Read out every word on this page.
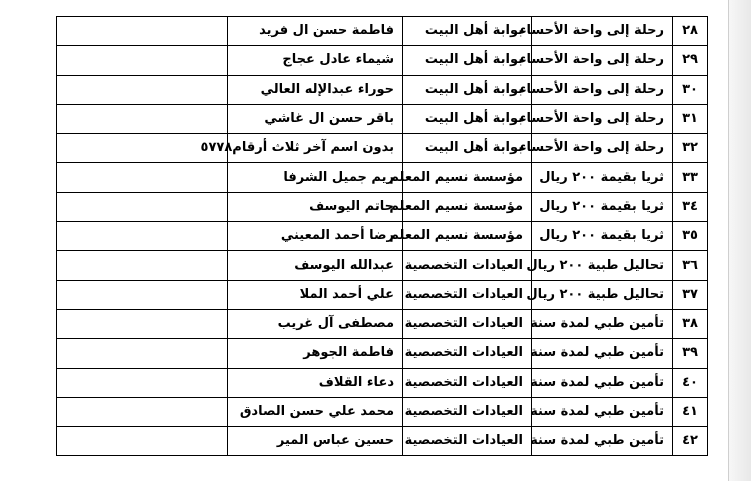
٢٨	رحلة إلى واحة الأحساء	بوابة أهل البيت	فاطمة حسن ال فريد	
٢٩	رحلة إلى واحة الأحساء	بوابة أهل البيت	شيماء عادل عجاج	
٣٠	رحلة إلى واحة الأحساء	بوابة أهل البيت	حوراء عبدالإله العالي	
٣١	رحلة إلى واحة الأحساء	بوابة أهل البيت	باقر حسن ال غاشي	
٣٢	رحلة إلى واحة الأحساء	بوابة أهل البيت	بدون اسم آخر ثلاث أرقام٥٧٧٨	
٣٣	ثريا بقيمة ٢٠٠ ريال	مؤسسة نسيم المعلم	ريم جميل الشرفا	
٣٤	ثريا بقيمة ٢٠٠ ريال	مؤسسة نسيم المعلم	حاتم اليوسف	
٣٥	ثريا بقيمة ٢٠٠ ريال	مؤسسة نسيم المعلم	رضا أحمد المعيني	
٣٦	تحاليل طبية ٢٠٠ ريال	العيادات التخصصية	عبدالله اليوسف	
٣٧	تحاليل طبية ٢٠٠ ريال	العيادات التخصصية	علي أحمد الملا	
٣٨	تأمين طبي لمدة سنة	العيادات التخصصية	مصطفى آل غريب	
٣٩	تأمين طبي لمدة سنة	العيادات التخصصية	فاطمة الجوهر	
٤٠	تأمين طبي لمدة سنة	العيادات التخصصية	دعاء القلاف	
٤١	تأمين طبي لمدة سنة	العيادات التخصصية	محمد علي حسن الصادق	
٤٢	تأمين طبي لمدة سنة	العيادات التخصصية	حسين عباس المير	
